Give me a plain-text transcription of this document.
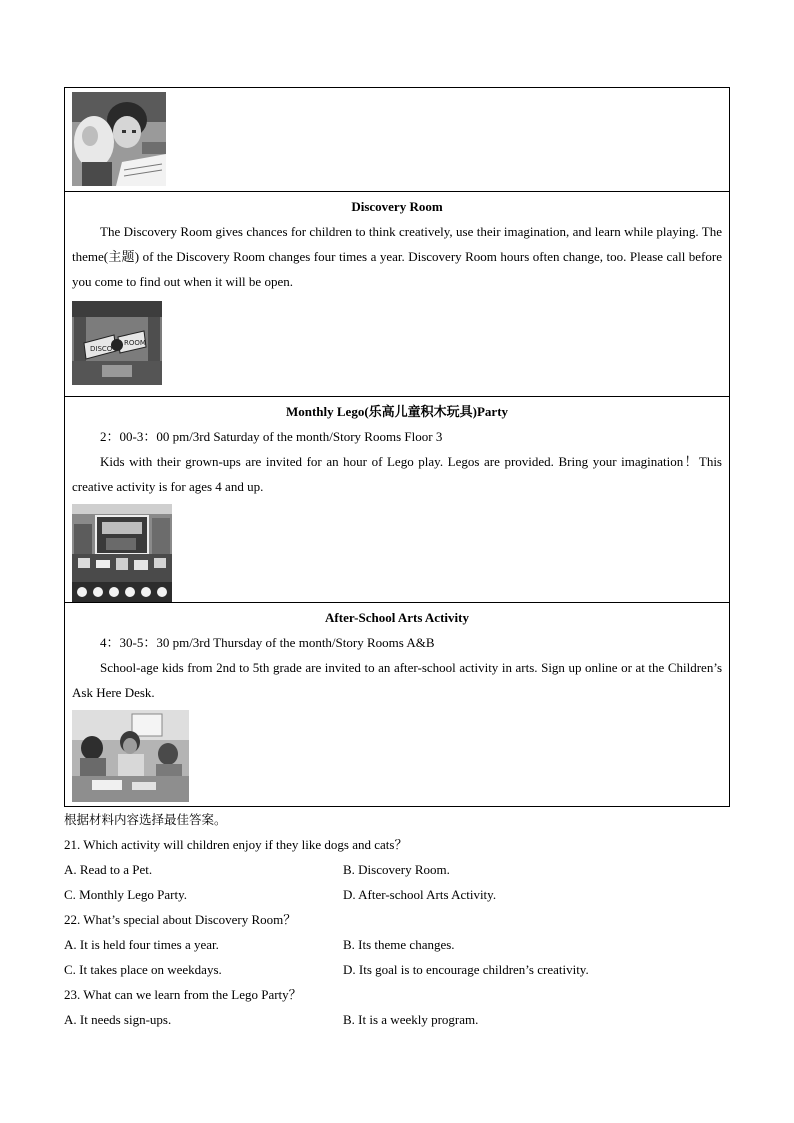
Discovery Room
The Discovery Room gives chances for children to think creatively, use their imagination, and learn while playing. The theme(主题) of the Discovery Room changes four times a year. Discovery Room hours often change, too. Please call before you come to find out when it will be open.
DISCO
ROOM

Monthly Lego(乐高儿童积木玩具)Party
2：00-3：00 pm/3rd Saturday of the month/Story Rooms Floor 3
Kids with their grown-ups are invited for an hour of Lego play. Legos are provided. Bring your imagination！This creative activity is for ages 4 and up.

After-School Arts Activity
4：30-5：30 pm/3rd Thursday of the month/Story Rooms A&B
School-age kids from 2nd to 5th grade are invited to an after-school activity in arts. Sign up online or at the Children’s Ask Here Desk.
根据材料内容选择最佳答案。
21. Which activity will children enjoy if they like dogs and cats？
A. Read to a Pet.	B. Discovery Room.
C. Monthly Lego Party.	D. After-school Arts Activity.
22. What’s special about Discovery Room？
A. It is held four times a year.	B. Its theme changes.
C. It takes place on weekdays.	D. Its goal is to encourage children’s creativity.
23. What can we learn from the Lego Party？
A. It needs sign-ups.	B. It is a weekly program.
